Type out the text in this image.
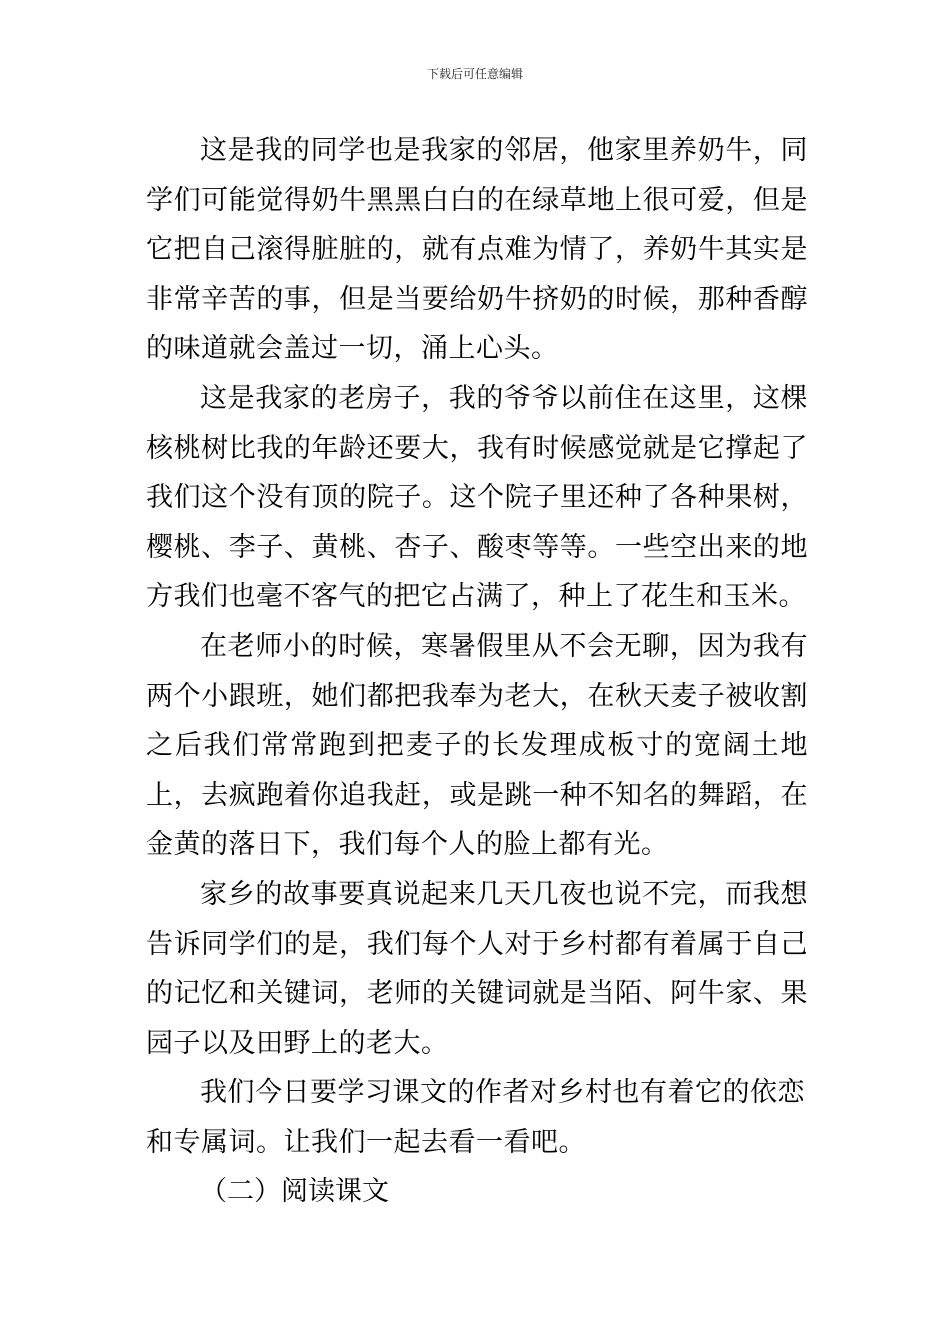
下载后可任意编辑

这是我的同学也是我家的邻居，他家里养奶牛，同学们可能觉得奶牛黑黑白白的在绿草地上很可爱，但是它把自己滚得脏脏的，就有点难为情了，养奶牛其实是非常辛苦的事，但是当要给奶牛挤奶的时候，那种香醇的味道就会盖过一切，涌上心头。

这是我家的老房子，我的爷爷以前住在这里，这棵核桃树比我的年龄还要大，我有时候感觉就是它撑起了我们这个没有顶的院子。这个院子里还种了各种果树，樱桃、李子、黄桃、杏子、酸枣等等。一些空出来的地方我们也毫不客气的把它占满了，种上了花生和玉米。

在老师小的时候，寒暑假里从不会无聊，因为我有两个小跟班，她们都把我奉为老大，在秋天麦子被收割之后我们常常跑到把麦子的长发理成板寸的宽阔土地上，去疯跑着你追我赶，或是跳一种不知名的舞蹈，在金黄的落日下，我们每个人的脸上都有光。

家乡的故事要真说起来几天几夜也说不完，而我想告诉同学们的是，我们每个人对于乡村都有着属于自己的记忆和关键词，老师的关键词就是当陌、阿牛家、果园子以及田野上的老大。

我们今日要学习课文的作者对乡村也有着它的依恋和专属词。让我们一起去看一看吧。

（二）阅读课文
